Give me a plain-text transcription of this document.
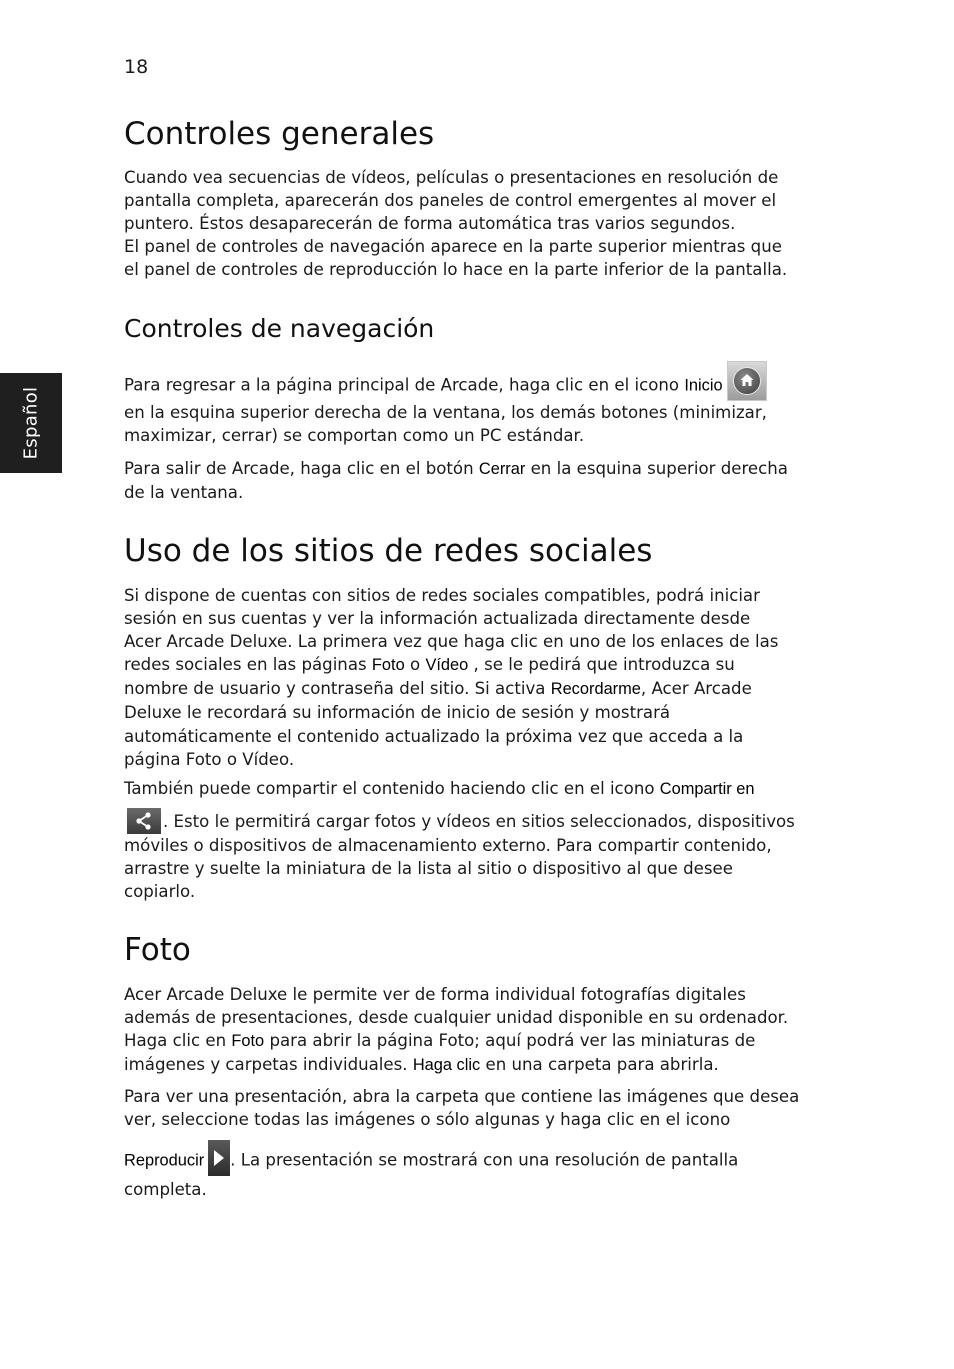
18
Español
Controles generales
Cuando vea secuencias de vídeos, películas o presentaciones en resolución de
pantalla completa, aparecerán dos paneles de control emergentes al mover el
puntero. Éstos desaparecerán de forma automática tras varios segundos.
El panel de controles de navegación aparece en la parte superior mientras que
el panel de controles de reproducción lo hace en la parte inferior de la pantalla.
Controles de navegación
Para regresar a la página principal de Arcade, haga clic en el icono Inicio
en la esquina superior derecha de la ventana, los demás botones (minimizar,
maximizar, cerrar) se comportan como un PC estándar.
Para salir de Arcade, haga clic en el botón Cerrar en la esquina superior derecha
de la ventana.
Uso de los sitios de redes sociales
Si dispone de cuentas con sitios de redes sociales compatibles, podrá iniciar
sesión en sus cuentas y ver la información actualizada directamente desde
Acer Arcade Deluxe. La primera vez que haga clic en uno de los enlaces de las
redes sociales en las páginas Foto o Vídeo , se le pedirá que introduzca su
nombre de usuario y contraseña del sitio. Si activa Recordarme, Acer Arcade
Deluxe le recordará su información de inicio de sesión y mostrará
automáticamente el contenido actualizado la próxima vez que acceda a la
página Foto o Vídeo.
También puede compartir el contenido haciendo clic en el icono Compartir en
. Esto le permitirá cargar fotos y vídeos en sitios seleccionados, dispositivos
móviles o dispositivos de almacenamiento externo. Para compartir contenido,
arrastre y suelte la miniatura de la lista al sitio o dispositivo al que desee
copiarlo.
Foto
Acer Arcade Deluxe le permite ver de forma individual fotografías digitales
además de presentaciones, desde cualquier unidad disponible en su ordenador.
Haga clic en Foto para abrir la página Foto; aquí podrá ver las miniaturas de
imágenes y carpetas individuales. Haga clic en una carpeta para abrirla.
Para ver una presentación, abra la carpeta que contiene las imágenes que desea
ver, seleccione todas las imágenes o sólo algunas y haga clic en el icono
Reproducir . La presentación se mostrará con una resolución de pantalla
completa.
